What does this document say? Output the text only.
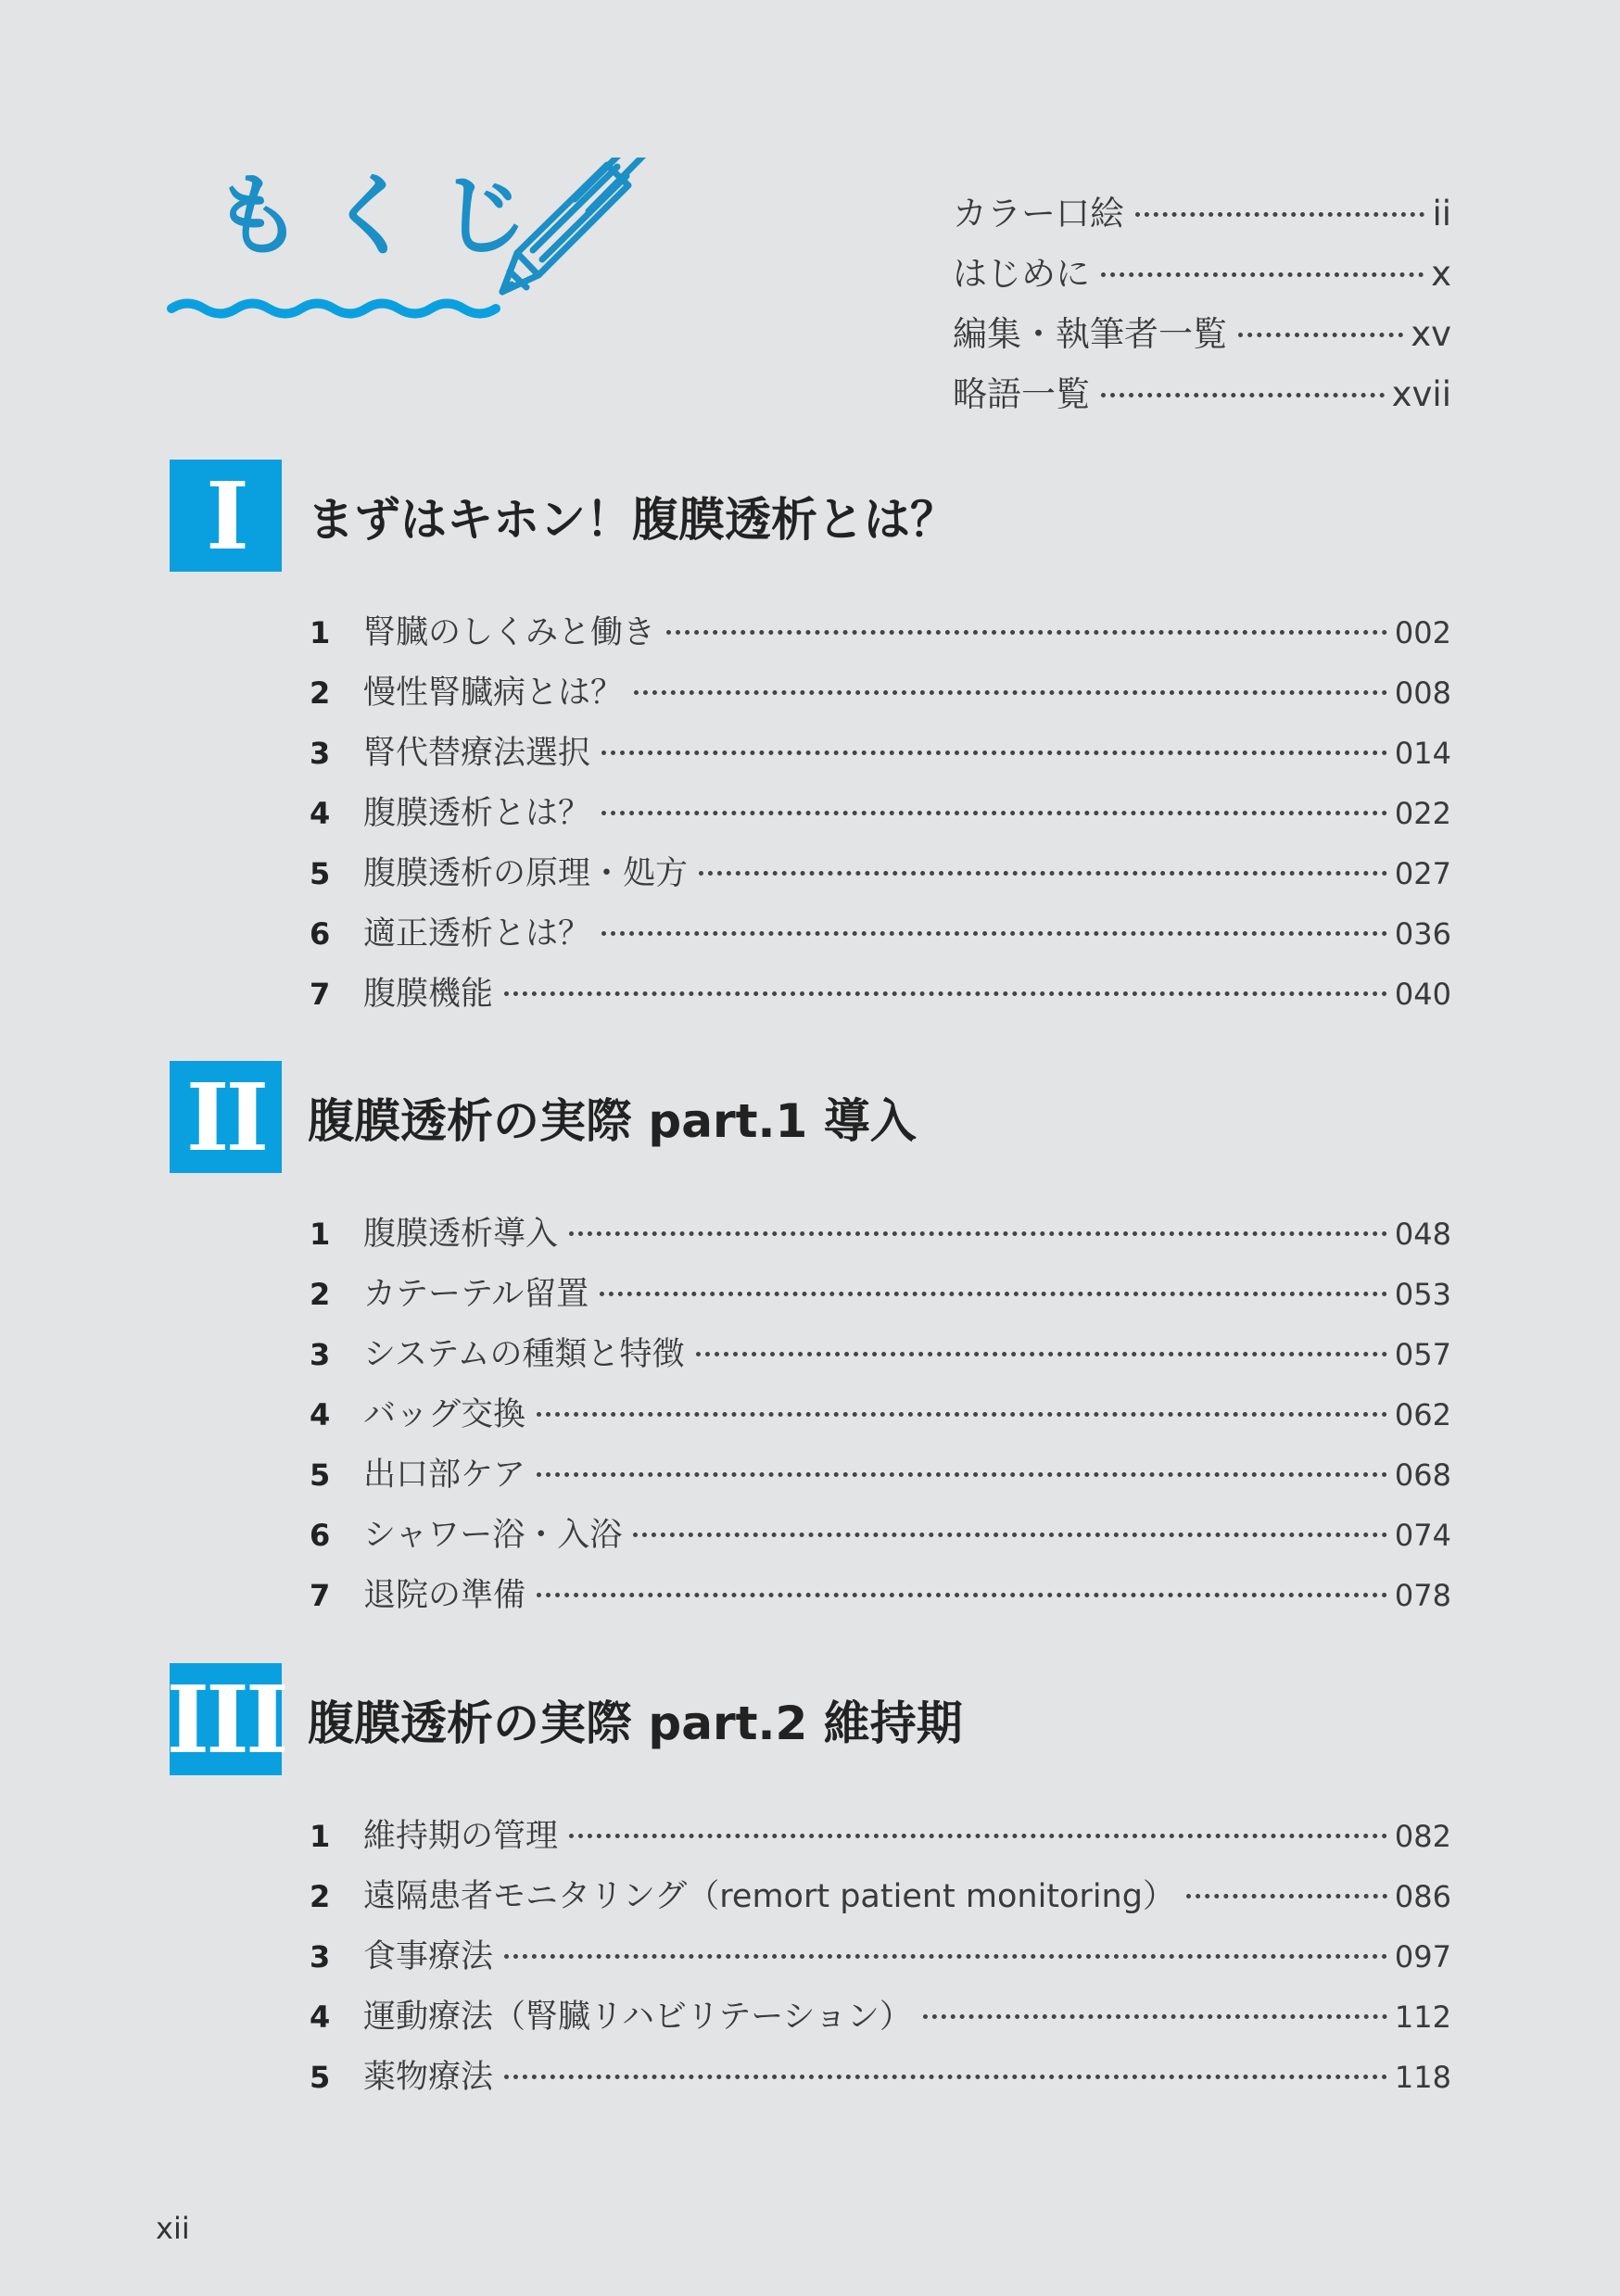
もくじ	カラー口絵	ii
はじめに	x
編集・執筆者一覧	xv
略語一覧	xvii
I	まずはキホン！腹膜透析とは？
1	腎臓のしくみと働き	002
2	慢性腎臓病とは？	008
3	腎代替療法選択	014
4	腹膜透析とは？	022
5	腹膜透析の原理・処方	027
6	適正透析とは？	036
7	腹膜機能	040
II 腹膜透析の実際 part.1 導入
1	腹膜透析導入	048
2	カテーテル留置	053
3	システムの種類と特徴	057
4	バッグ交換	062
5	出口部ケア	068
6	シャワー浴・入浴	074
7	退院の準備	078
III 腹膜透析の実際 part.2 維持期
1	維持期の管理	082
2	遠隔患者モニタリング（remort patient monitoring）	086
3	食事療法	097
4	運動療法（腎臓リハビリテーション）	112
5	薬物療法	118
xii
